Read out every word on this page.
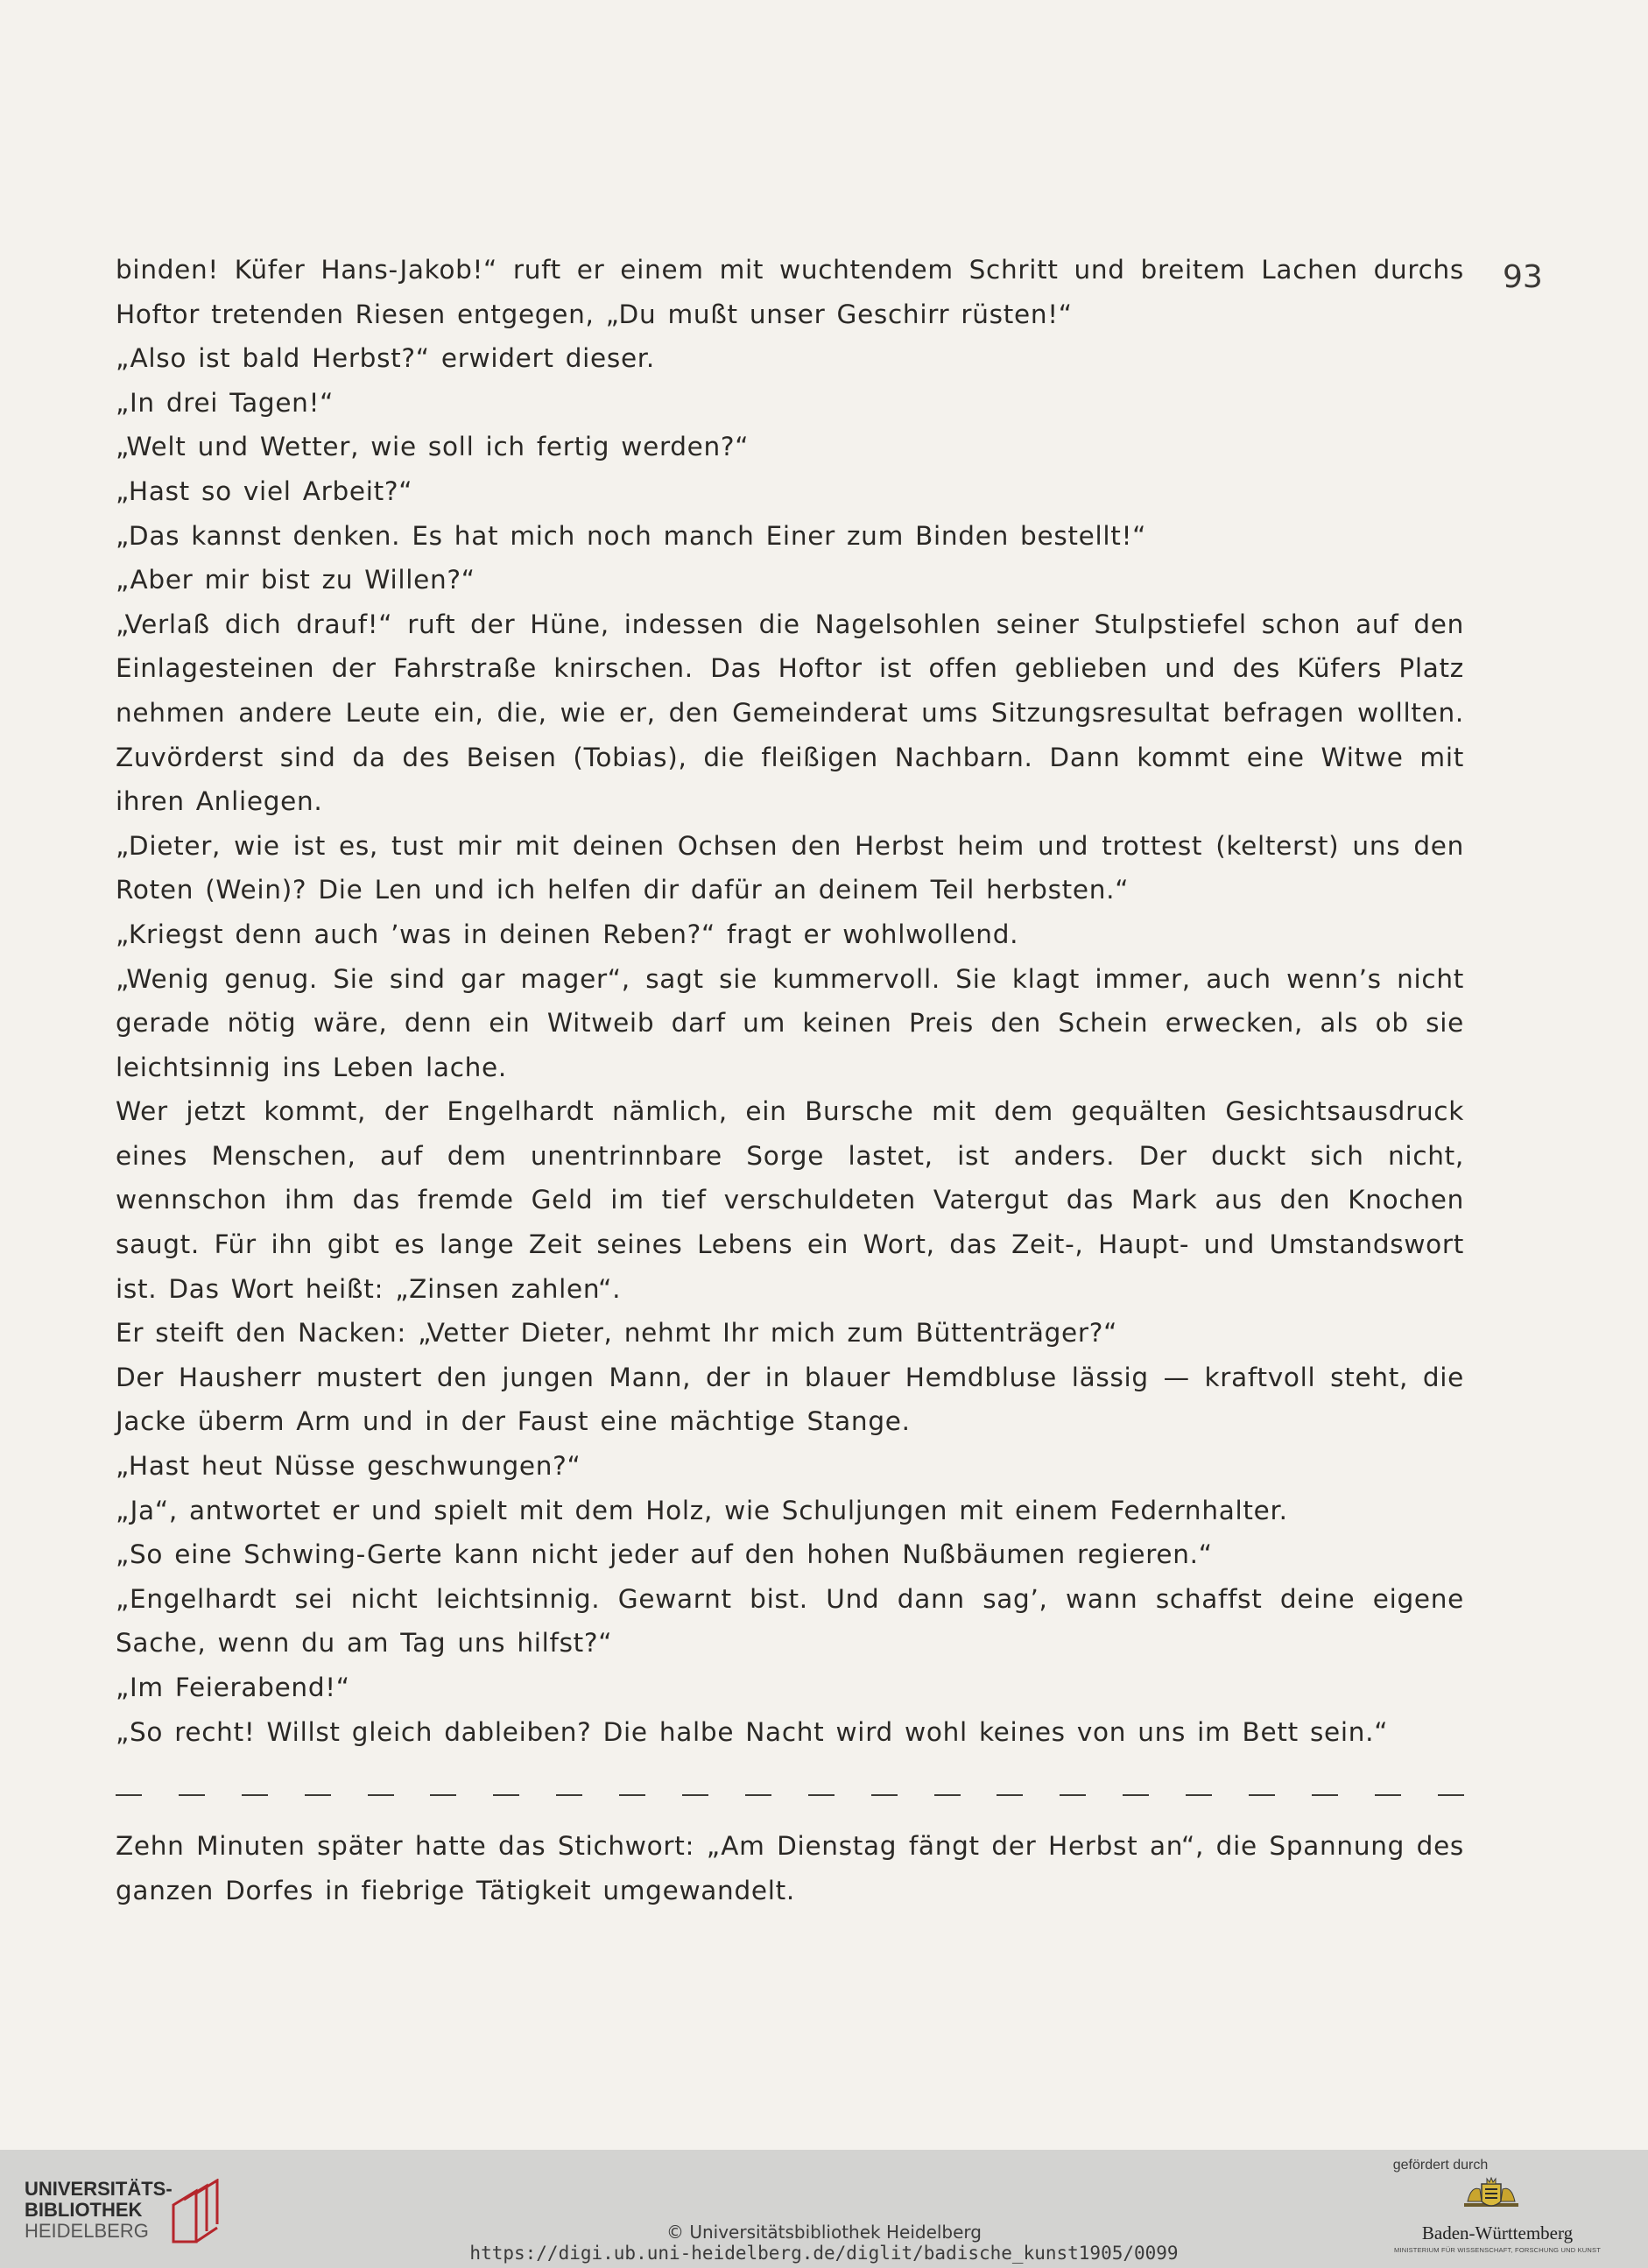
93

binden! Küfer Hans-Jakob!“ ruft er einem mit wuchtendem Schritt und breitem Lachen durchs Hoftor tretenden Riesen entgegen, „Du mußt unser Geschirr rüsten!“

„Also ist bald Herbst?“ erwidert dieser.

„In drei Tagen!“

„Welt und Wetter, wie soll ich fertig werden?“

„Hast so viel Arbeit?“

„Das kannst denken. Es hat mich noch manch Einer zum Binden bestellt!“

„Aber mir bist zu Willen?“

„Verlaß dich drauf!“ ruft der Hüne, indessen die Nagelsohlen seiner Stulpstiefel schon auf den Einlagesteinen der Fahrstraße knirschen. Das Hoftor ist offen geblieben und des Küfers Platz nehmen andere Leute ein, die, wie er, den Gemeinderat ums Sitzungsresultat befragen wollten. Zuvörderst sind da des Beisen (Tobias), die fleißigen Nachbarn. Dann kommt eine Witwe mit ihren Anliegen.

„Dieter, wie ist es, tust mir mit deinen Ochsen den Herbst heim und trottest (kelterst) uns den Roten (Wein)? Die Len und ich helfen dir dafür an deinem Teil herbsten.“

„Kriegst denn auch ’was in deinen Reben?“ fragt er wohlwollend.

„Wenig genug. Sie sind gar mager“, sagt sie kummervoll. Sie klagt immer, auch wenn’s nicht gerade nötig wäre, denn ein Witweib darf um keinen Preis den Schein erwecken, als ob sie leichtsinnig ins Leben lache.

Wer jetzt kommt, der Engelhardt nämlich, ein Bursche mit dem gequälten Gesichtsausdruck eines Menschen, auf dem unentrinnbare Sorge lastet, ist anders. Der duckt sich nicht, wennschon ihm das fremde Geld im tief verschuldeten Vatergut das Mark aus den Knochen saugt. Für ihn gibt es lange Zeit seines Lebens ein Wort, das Zeit-, Haupt- und Umstandswort ist. Das Wort heißt: „Zinsen zahlen“.

Er steift den Nacken: „Vetter Dieter, nehmt Ihr mich zum Büttenträger?“

Der Hausherr mustert den jungen Mann, der in blauer Hemdbluse lässig — kraftvoll steht, die Jacke überm Arm und in der Faust eine mächtige Stange.

„Hast heut Nüsse geschwungen?“

„Ja“, antwortet er und spielt mit dem Holz, wie Schuljungen mit einem Federnhalter.

„So eine Schwing-Gerte kann nicht jeder auf den hohen Nußbäumen regieren.“

„Engelhardt sei nicht leichtsinnig. Gewarnt bist. Und dann sag’, wann schaffst deine eigene Sache, wenn du am Tag uns hilfst?“

„Im Feierabend!“

„So recht! Willst gleich dableiben? Die halbe Nacht wird wohl keines von uns im Bett sein.“

Zehn Minuten später hatte das Stichwort: „Am Dienstag fängt der Herbst an“, die Spannung des ganzen Dorfes in fiebrige Tätigkeit umgewandelt.

UNIVERSITÄTS-
BIBLIOTHEK
HEIDELBERG	© Universitätsbibliothek Heidelberg
https://digi.ub.uni-heidelberg.de/diglit/badische_kunst1905/0099
gefördert durch
Baden-Württemberg
MINISTERIUM FÜR WISSENSCHAFT, FORSCHUNG UND KUNST
